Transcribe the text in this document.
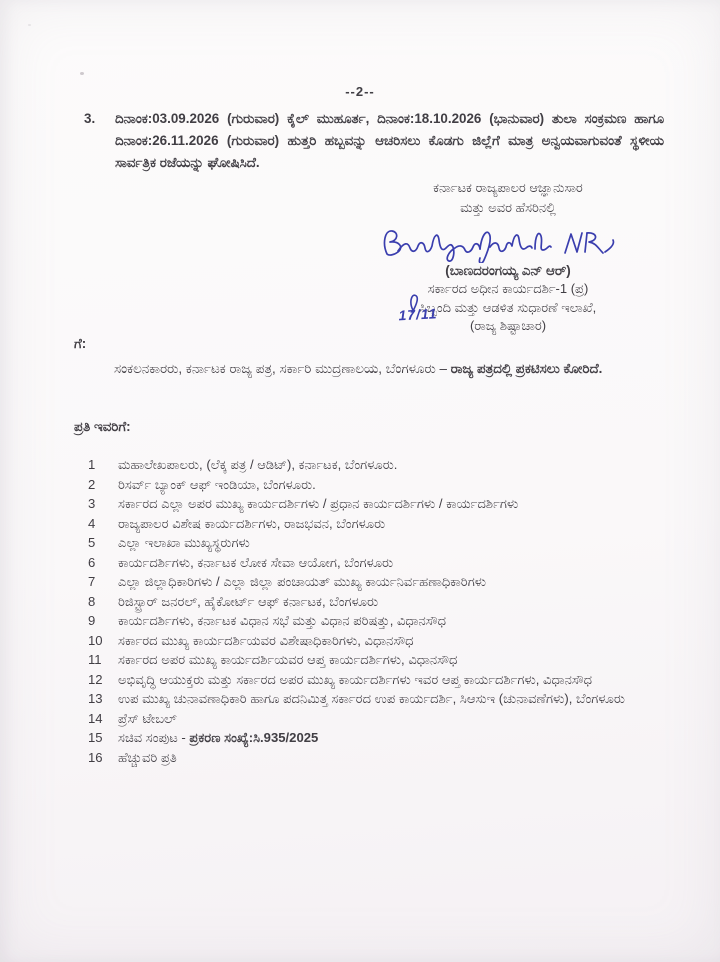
--2--
3.	ದಿನಾಂಕ:03.09.2026 (ಗುರುವಾರ) ಕೈಲ್ ಮುಹೂರ್ತ, ದಿನಾಂಕ:18.10.2026 (ಭಾನುವಾರ) ತುಲಾ ಸಂಕ್ರಮಣ ಹಾಗೂ ದಿನಾಂಕ:26.11.2026 (ಗುರುವಾರ) ಹುತ್ತರಿ ಹಬ್ಬವನ್ನು ಆಚರಿಸಲು ಕೊಡಗು ಜಿಲ್ಲೆಗೆ ಮಾತ್ರ ಅನ್ವಯವಾಗುವಂತೆ ಸ್ಥಳೀಯ ಸಾರ್ವತ್ರಿಕ ರಜೆಯನ್ನು ಘೋಷಿಸಿದೆ.
ಕರ್ನಾಟಕ ರಾಜ್ಯಪಾಲರ ಆಜ್ಞಾನುಸಾರ
ಮತ್ತು ಅವರ ಹೆಸರಿನಲ್ಲಿ
(ಬಾಣದರಂಗಯ್ಯ ಎನ್ ಆರ್)
ಸರ್ಕಾರದ ಅಧೀನ ಕಾರ್ಯದರ್ಶಿ-1 (ಪ್ರ)
ಸಿಬ್ಬಂದಿ ಮತ್ತು ಆಡಳಿತ ಸುಧಾರಣೆ ಇಲಾಖೆ,
(ರಾಜ್ಯ ಶಿಷ್ಟಾಚಾರ)
17/11
ಗೆ:
ಸಂಕಲನಕಾರರು, ಕರ್ನಾಟಕ ರಾಜ್ಯ ಪತ್ರ, ಸರ್ಕಾರಿ ಮುದ್ರಣಾಲಯ, ಬೆಂಗಳೂರು – ರಾಜ್ಯ ಪತ್ರದಲ್ಲಿ ಪ್ರಕಟಿಸಲು ಕೋರಿದೆ.
ಪ್ರತಿ ಇವರಿಗೆ:
1	ಮಹಾಲೇಖಪಾಲರು, (ಲೆಕ್ಕ ಪತ್ರ / ಆಡಿಟ್), ಕರ್ನಾಟಕ, ಬೆಂಗಳೂರು.
2	ರಿಸರ್ವ್ ಬ್ಯಾಂಕ್ ಆಫ್ ಇಂಡಿಯಾ, ಬೆಂಗಳೂರು.
3	ಸರ್ಕಾರದ ಎಲ್ಲಾ ಅಪರ ಮುಖ್ಯ ಕಾರ್ಯದರ್ಶಿಗಳು / ಪ್ರಧಾನ ಕಾರ್ಯದರ್ಶಿಗಳು / ಕಾರ್ಯದರ್ಶಿಗಳು
4	ರಾಜ್ಯಪಾಲರ ವಿಶೇಷ ಕಾರ್ಯದರ್ಶಿಗಳು, ರಾಜಭವನ, ಬೆಂಗಳೂರು
5	ಎಲ್ಲಾ ಇಲಾಖಾ ಮುಖ್ಯಸ್ಥರುಗಳು
6	ಕಾರ್ಯದರ್ಶಿಗಳು, ಕರ್ನಾಟಕ ಲೋಕ ಸೇವಾ ಆಯೋಗ, ಬೆಂಗಳೂರು
7	ಎಲ್ಲಾ ಜಿಲ್ಲಾಧಿಕಾರಿಗಳು / ಎಲ್ಲಾ ಜಿಲ್ಲಾ ಪಂಚಾಯತ್ ಮುಖ್ಯ ಕಾರ್ಯನಿರ್ವಹಣಾಧಿಕಾರಿಗಳು
8	ರಿಜಿಸ್ಟ್ರಾರ್ ಜನರಲ್, ಹೈಕೋರ್ಟ್ ಆಫ್ ಕರ್ನಾಟಕ, ಬೆಂಗಳೂರು
9	ಕಾರ್ಯದರ್ಶಿಗಳು, ಕರ್ನಾಟಕ ವಿಧಾನ ಸಭೆ ಮತ್ತು ವಿಧಾನ ಪರಿಷತ್ತು, ವಿಧಾನಸೌಧ
10	ಸರ್ಕಾರದ ಮುಖ್ಯ ಕಾರ್ಯದರ್ಶಿಯವರ ವಿಶೇಷಾಧಿಕಾರಿಗಳು, ವಿಧಾನಸೌಧ
11	ಸರ್ಕಾರದ ಅಪರ ಮುಖ್ಯ ಕಾರ್ಯದರ್ಶಿಯವರ ಆಪ್ತ ಕಾರ್ಯದರ್ಶಿಗಳು, ವಿಧಾನಸೌಧ
12	ಅಭಿವೃದ್ಧಿ ಆಯುಕ್ತರು ಮತ್ತು ಸರ್ಕಾರದ ಅಪರ ಮುಖ್ಯ ಕಾರ್ಯದರ್ಶಿಗಳು ಇವರ ಆಪ್ತ ಕಾರ್ಯದರ್ಶಿಗಳು, ವಿಧಾನಸೌಧ
13	ಉಪ ಮುಖ್ಯ ಚುನಾವಣಾಧಿಕಾರಿ ಹಾಗೂ ಪದನಿಮಿತ್ತ ಸರ್ಕಾರದ ಉಪ ಕಾರ್ಯದರ್ಶಿ, ಸಿಆಸುಇ (ಚುನಾವಣೆಗಳು), ಬೆಂಗಳೂರು
14	ಪ್ರೆಸ್ ಟೇಬಲ್
15	ಸಚಿವ ಸಂಪುಟ - ಪ್ರಕರಣ ಸಂಖ್ಯೆ:ಸಿ.935/2025
16	ಹೆಚ್ಚುವರಿ ಪ್ರತಿ
